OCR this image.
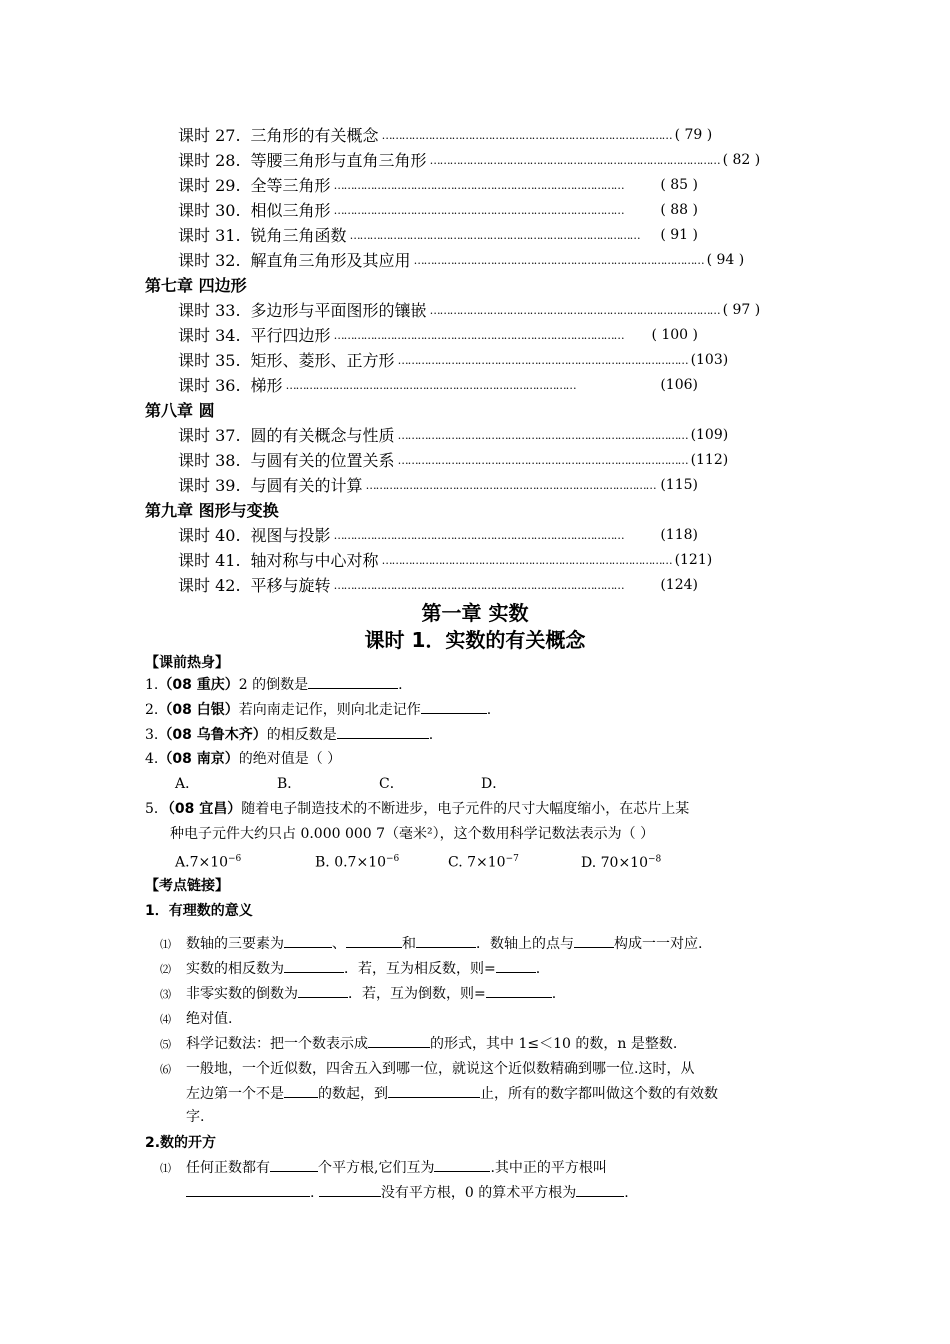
课时 27. 三角形的有关概念 …………………………………………………………………………… ( 79 )
课时 28. 等腰三角形与直角三角形 …………………………………………………………………………… ( 82 )
课时 29. 全等三角形 ……………………………………………………………………………	( 85 )
课时 30. 相似三角形 ……………………………………………………………………………	( 88 )
课时 31. 锐角三角函数 ……………………………………………………………………………	( 91 )
课时 32. 解直角三角形及其应用 …………………………………………………………………………… ( 94 )
第七章 四边形
课时 33. 多边形与平面图形的镶嵌 …………………………………………………………………………… ( 97 )
课时 34. 平行四边形 ……………………………………………………………………………	( 100 )
课时 35. 矩形、菱形、正方形 …………………………………………………………………………… (103)
课时 36. 梯形 ……………………………………………………………………………	(106)
第八章 圆
课时 37. 圆的有关概念与性质 …………………………………………………………………………… (109)
课时 38. 与圆有关的位置关系 …………………………………………………………………………… (112)
课时 39. 与圆有关的计算 …………………………………………………………………………… (115)
第九章 图形与变换
课时 40. 视图与投影 ……………………………………………………………………………	(118)
课时 41. 轴对称与中心对称 …………………………………………………………………………… (121)
课时 42. 平移与旋转 ……………………………………………………………………………	(124)
第一章 实数
课时 1．实数的有关概念
【课前热身】
1.（08 重庆）2 的倒数是	.
2.（08 白银）若向南走记作，则向北走记作	.
3.（08 乌鲁木齐）的相反数是	.
4.（08 南京）的绝对值是（ ）
A．	B．	C．	D．
5．（08 宜昌）随着电子制造技术的不断进步，电子元件的尺寸大幅度缩小，在芯片上某
种电子元件大约只占 0.000 000 7（毫米²），这个数用科学记数法表示为（ ）
$A.7\times 10^{-6}$	B. $0.7\times 10^{-6}$	C. $7\times 10^{-7}$	D. $70\times 10^{-8}$
【考点链接】
1．有理数的意义
⑴ 数轴的三要素为	、	和	．数轴上的点与	构成一一对应.
⑵ 实数的相反数为	．若，互为相反数，则=	.
⑶ 非零实数的倒数为	．若，互为倒数，则=	.
⑷ 绝对值.
⑸ 科学记数法：把一个数表示成	的形式，其中 1≤＜10 的数，n 是整数.
⑹ 一般地，一个近似数，四舍五入到哪一位，就说这个近似数精确到哪一位.这时，从
左边第一个不是 的数起，到	止，所有的数字都叫做这个数的有效数
字.
2.数的开方
⑴ 任何正数都有	个平方根,它们互为	.其中正的平方根叫
.	没有平方根，0 的算术平方根为	.
